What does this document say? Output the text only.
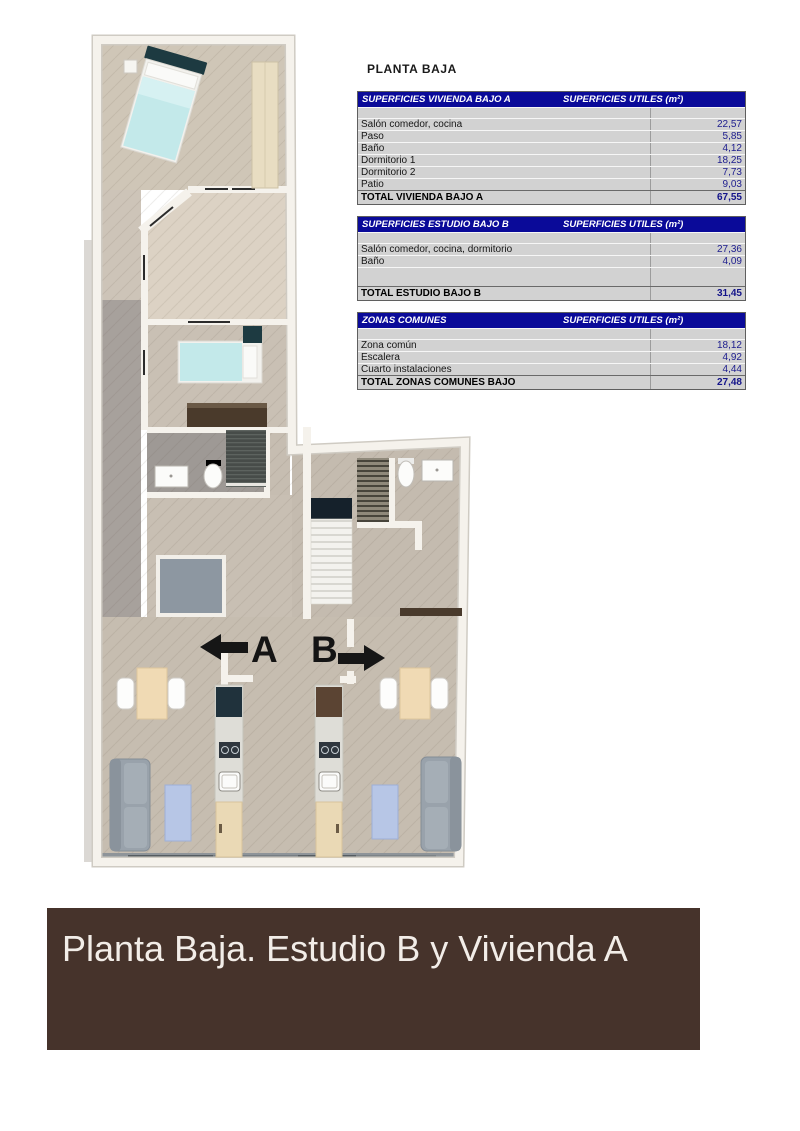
A B
PLANTA BAJA
SUPERFICIES VIVIENDA BAJO A	SUPERFICIES UTILES (m²)
Salón comedor, cocina	22,57
Paso	5,85
Baño	4,12
Dormitorio 1	18,25
Dormitorio 2	7,73
Patio	9,03
TOTAL VIVIENDA BAJO A	67,55
SUPERFICIES ESTUDIO BAJO B	SUPERFICIES UTILES (m²)
Salón comedor, cocina, dormitorio	27,36
Baño	4,09
TOTAL ESTUDIO BAJO B	31,45
ZONAS COMUNES	SUPERFICIES UTILES (m²)
Zona común	18,12
Escalera	4,92
Cuarto instalaciones	4,44
TOTAL ZONAS COMUNES BAJO	27,48
Planta Baja. Estudio B y Vivienda A
